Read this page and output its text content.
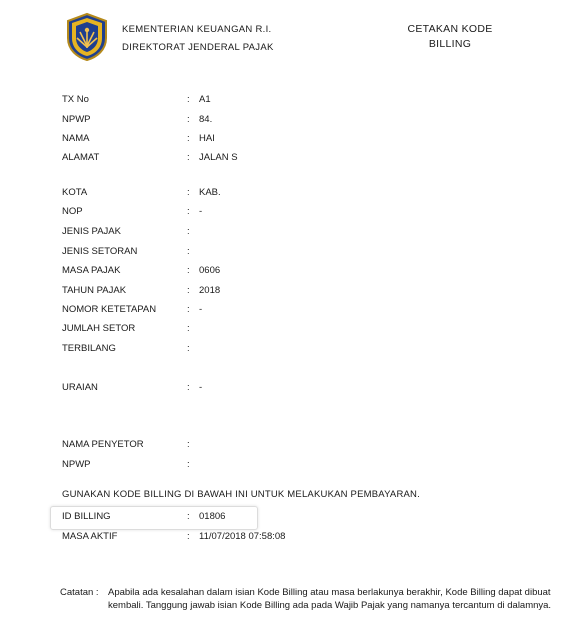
KEMENTERIAN KEUANGAN R.I.
DIREKTORAT JENDERAL PAJAK
CETAKAN KODE BILLING
TX No	: A1
NPWP	: 84.
NAMA	: HAI
ALAMAT	: JALAN S
KOTA	: KAB.
NOP	: -
JENIS PAJAK	:
JENIS SETORAN	:
MASA PAJAK	: 0606
TAHUN PAJAK	: 2018
NOMOR KETETAPAN	: -
JUMLAH SETOR	:
TERBILANG	:
URAIAN	: -
NAMA PENYETOR	:
NPWP	:
GUNAKAN KODE BILLING DI BAWAH INI UNTUK MELAKUKAN PEMBAYARAN.
ID BILLING	: 01806
MASA AKTIF	: 11/07/2018 07:58:08
Catatan : Apabila ada kesalahan dalam isian Kode Billing atau masa berlakunya berakhir, Kode Billing dapat dibuat kembali. Tanggung jawab isian Kode Billing ada pada Wajib Pajak yang namanya tercantum di dalamnya.
